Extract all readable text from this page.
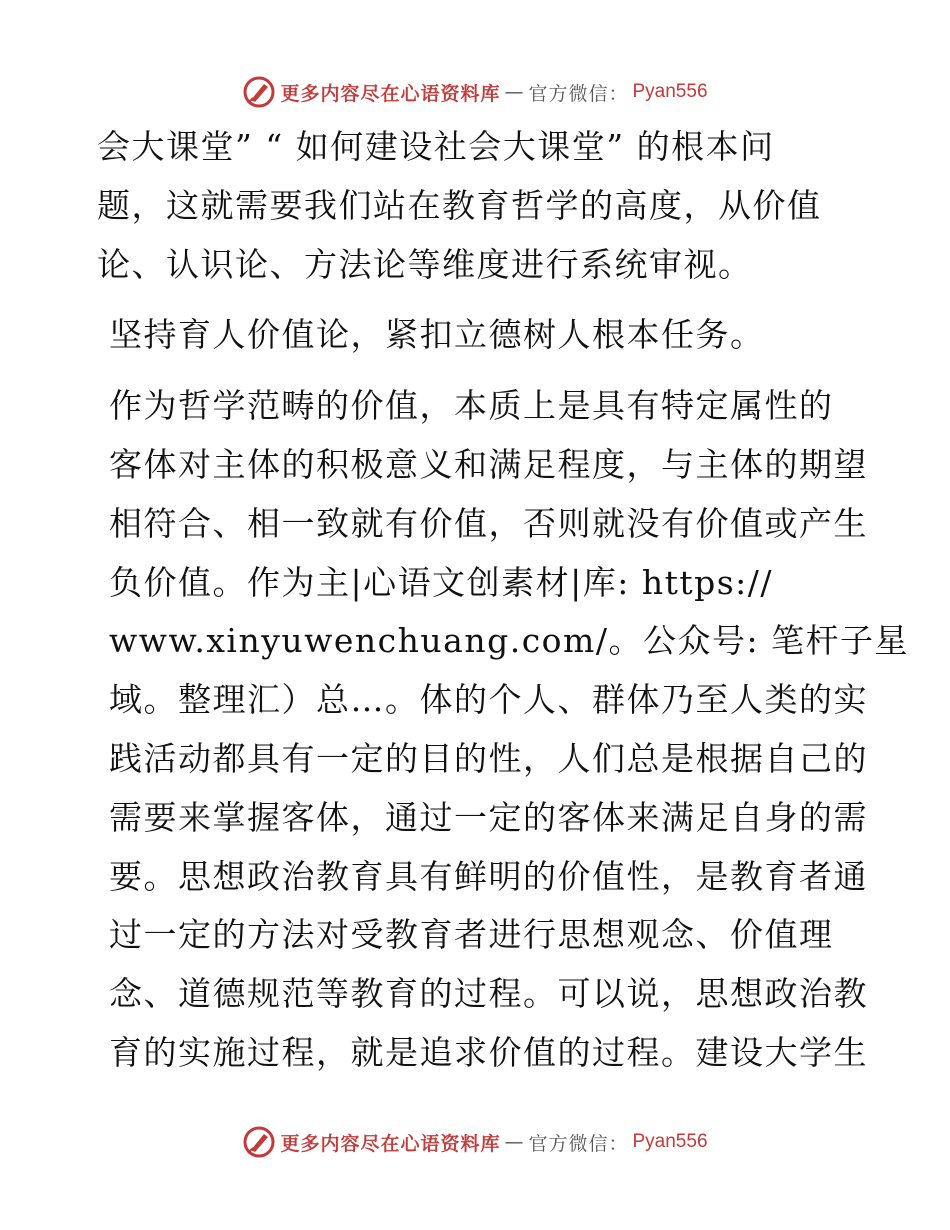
更多内容尽在心语资料库 — 官方微信： Pyan556

会大课堂” “ 如何建设社会大课堂” 的根本问
题，这就需要我们站在教育哲学的高度，从价值
论、认识论、方法论等维度进行系统审视。

坚持育人价值论，紧扣立德树人根本任务。

作为哲学范畴的价值，本质上是具有特定属性的
客体对主体的积极意义和满足程度，与主体的期望
相符合、相一致就有价值，否则就没有价值或产生
负价值。作为主|心语文创素材|库: https://
www.xinyuwenchuang.com/。公众号: 笔杆子星
域。整理汇）总…。体的个人、群体乃至人类的实
践活动都具有一定的目的性，人们总是根据自己的
需要来掌握客体，通过一定的客体来满足自身的需
要。思想政治教育具有鲜明的价值性，是教育者通
过一定的方法对受教育者进行思想观念、价值理
念、道德规范等教育的过程。可以说，思想政治教
育的实施过程，就是追求价值的过程。建设大学生

更多内容尽在心语资料库 — 官方微信： Pyan556
